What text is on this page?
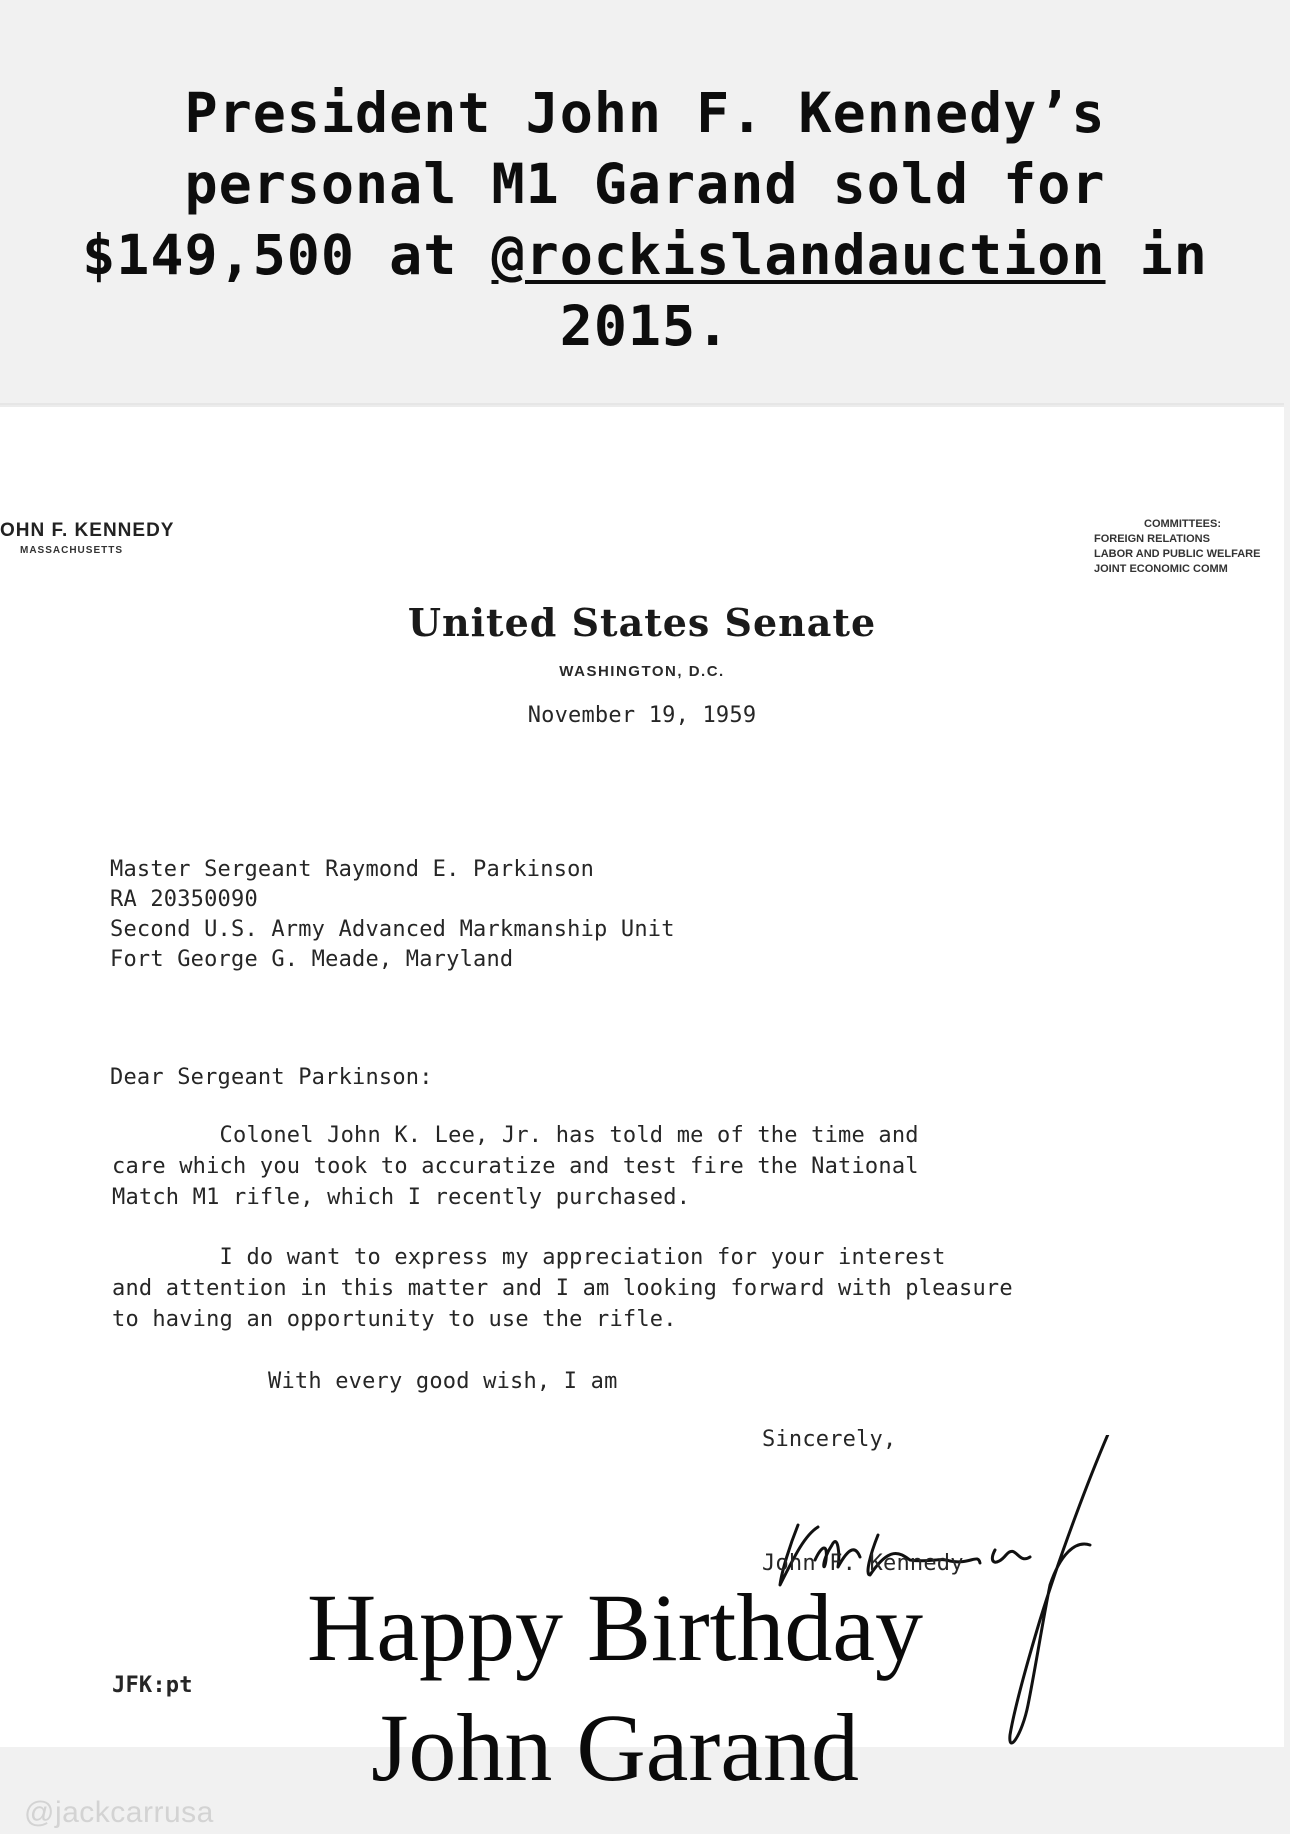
President John F. Kennedy’s personal M1 Garand sold for $149,500 at @rockislandauction in 2015.
OHN F. KENNEDY
MASSACHUSETTS
COMMITTEES:
FOREIGN RELATIONS
LABOR AND PUBLIC WELFARE
JOINT ECONOMIC COMM
United States Senate
WASHINGTON, D.C.
November 19, 1959
Master Sergeant Raymond E. Parkinson
RA 20350090
Second U.S. Army Advanced Markmanship Unit
Fort George G. Meade, Maryland
Dear Sergeant Parkinson:
Colonel John K. Lee, Jr. has told me of the time and
care which you took to accuratize and test fire the National
Match M1 rifle, which I recently purchased.
I do want to express my appreciation for your interest
and attention in this matter and I am looking forward with pleasure
to having an opportunity to use the rifle.
With every good wish, I am
Sincerely,
John F. Kennedy
JFK:pt
Happy Birthday
John Garand
@jackcarrusa
